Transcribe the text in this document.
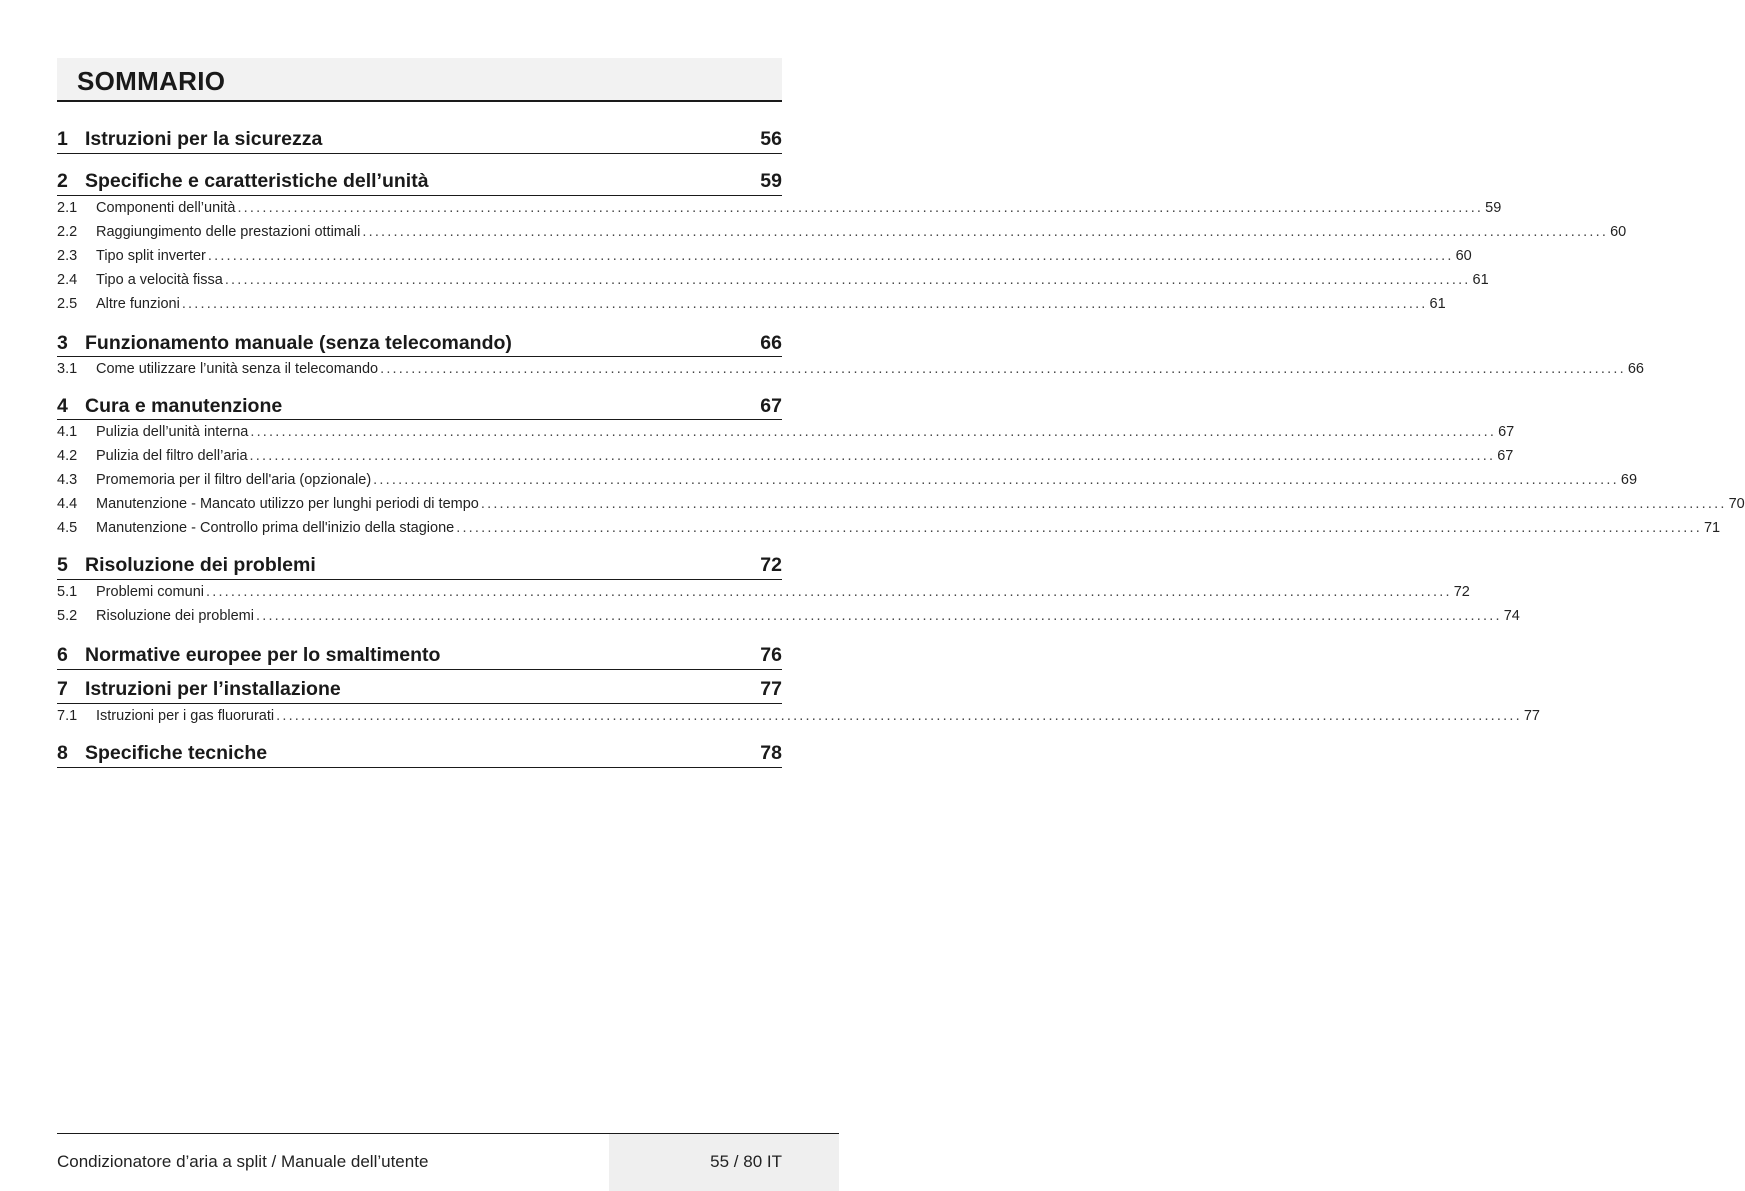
SOMMARIO
1 Istruzioni per la sicurezza	56
2 Specifiche e caratteristiche dell’unità	59
2.1	Componenti dell’unità ........................................................................................................................................................................................................ 59
2.2	Raggiungimento delle prestazioni ottimali ........................................................................................................................................................................................................ 60
2.3	Tipo split inverter ........................................................................................................................................................................................................ 60
2.4	Tipo a velocità fissa ........................................................................................................................................................................................................ 61
2.5	Altre funzioni ........................................................................................................................................................................................................ 61
3 Funzionamento manuale (senza telecomando)	66
3.1	Come utilizzare l’unità senza il telecomando ........................................................................................................................................................................................................ 66
4 Cura e manutenzione	67
4.1	Pulizia dell’unità interna ........................................................................................................................................................................................................ 67
4.2	Pulizia del filtro dell’aria ........................................................................................................................................................................................................ 67
4.3	Promemoria per il filtro dell'aria (opzionale) ........................................................................................................................................................................................................ 69
4.4	Manutenzione - Mancato utilizzo per lunghi periodi di tempo ........................................................................................................................................................................................................ 70
4.5	Manutenzione - Controllo prima dell'inizio della stagione ........................................................................................................................................................................................................ 71
5 Risoluzione dei problemi	72
5.1	Problemi comuni ........................................................................................................................................................................................................ 72
5.2	Risoluzione dei problemi ........................................................................................................................................................................................................ 74
6 Normative europee per lo smaltimento	76
7 Istruzioni per l’installazione	77
7.1	Istruzioni per i gas fluorurati ........................................................................................................................................................................................................ 77
8 Specifiche tecniche	78
Condizionatore d’aria a split / Manuale dell’utente	55 / 80 IT
